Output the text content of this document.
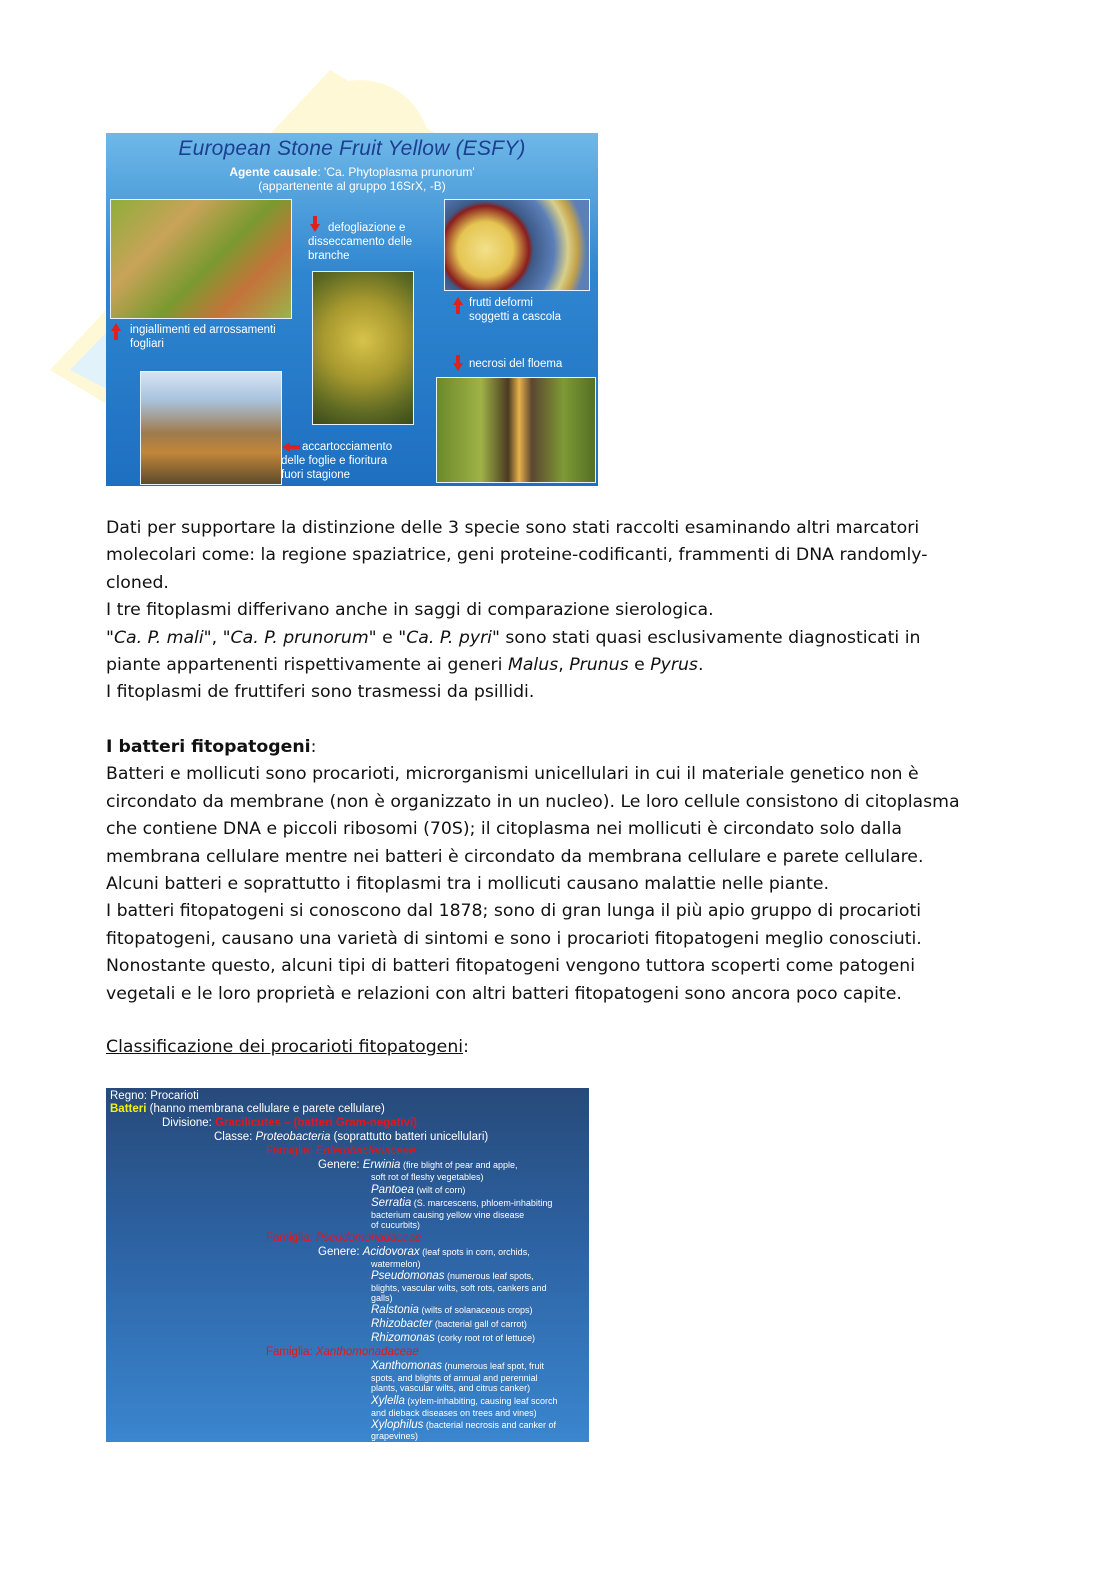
European Stone Fruit Yellow (ESFY)
Agente causale: 'Ca. Phytoplasma prunorum'
(appartenente al gruppo 16SrX, -B)
defogliazione e
disseccamento delle
branche
frutti deformi
soggetti a cascola
ingiallimenti ed arrossamenti
fogliari
necrosi del floema
accartocciamento
delle foglie e fioritura
fuori stagione
Dati per supportare la distinzione delle 3 specie sono stati raccolti esaminando altri marcatori
molecolari come: la regione spaziatrice, geni proteine-codificanti, frammenti di DNA randomly-
cloned.
I tre fitoplasmi differivano anche in saggi di comparazione sierologica.
"Ca. P. mali", "Ca. P. prunorum" e "Ca. P. pyri" sono stati quasi esclusivamente diagnosticati in
piante appartenenti rispettivamente ai generi Malus, Prunus e Pyrus.
I fitoplasmi de fruttiferi sono trasmessi da psillidi.
I batteri fitopatogeni:
Batteri e mollicuti sono procarioti, microrganismi unicellulari in cui il materiale genetico non è
circondato da membrane (non è organizzato in un nucleo). Le loro cellule consistono di citoplasma
che contiene DNA e piccoli ribosomi (70S); il citoplasma nei mollicuti è circondato solo dalla
membrana cellulare mentre nei batteri è circondato da membrana cellulare e parete cellulare.
Alcuni batteri e soprattutto i fitoplasmi tra i mollicuti causano malattie nelle piante.
I batteri fitopatogeni si conoscono dal 1878; sono di gran lunga il più apio gruppo di procarioti
fitopatogeni, causano una varietà di sintomi e sono i procarioti fitopatogeni meglio conosciuti.
Nonostante questo, alcuni tipi di batteri fitopatogeni vengono tuttora scoperti come patogeni
vegetali e le loro proprietà e relazioni con altri batteri fitopatogeni sono ancora poco capite.
Classificazione dei procarioti fitopatogeni:
Regno: Procarioti
Batteri (hanno membrana cellulare e parete cellulare)
Divisione: Gracilicutes – (batteri Gram-negativi)
Classe: Proteobacteria (soprattutto batteri unicellulari)
Famiglia: Enterobacteriaceae
Genere: Erwinia (fire blight of pear and apple,
soft rot of fleshy vegetables)
Pantoea (wilt of corn)
Serratia (S. marcescens, phloem-inhabiting
bacterium causing yellow vine disease
of cucurbits)
Famiglia: Pseudomonadaceae
Genere: Acidovorax (leaf spots in corn, orchids,
watermelon)
Pseudomonas (numerous leaf spots,
blights, vascular wilts, soft rots, cankers and
galls)
Ralstonia (wilts of solanaceous crops)
Rhizobacter (bacterial gall of carrot)
Rhizomonas (corky root rot of lettuce)
Famiglia: Xanthomonadaceae
Xanthomonas (numerous leaf spot, fruit
spots, and blights of annual and perennial
plants, vascular wilts, and citrus canker)
Xylella (xylem-inhabiting, causing leaf scorch
and dieback diseases on trees and vines)
Xylophilus (bacterial necrosis and canker of
grapevines)
